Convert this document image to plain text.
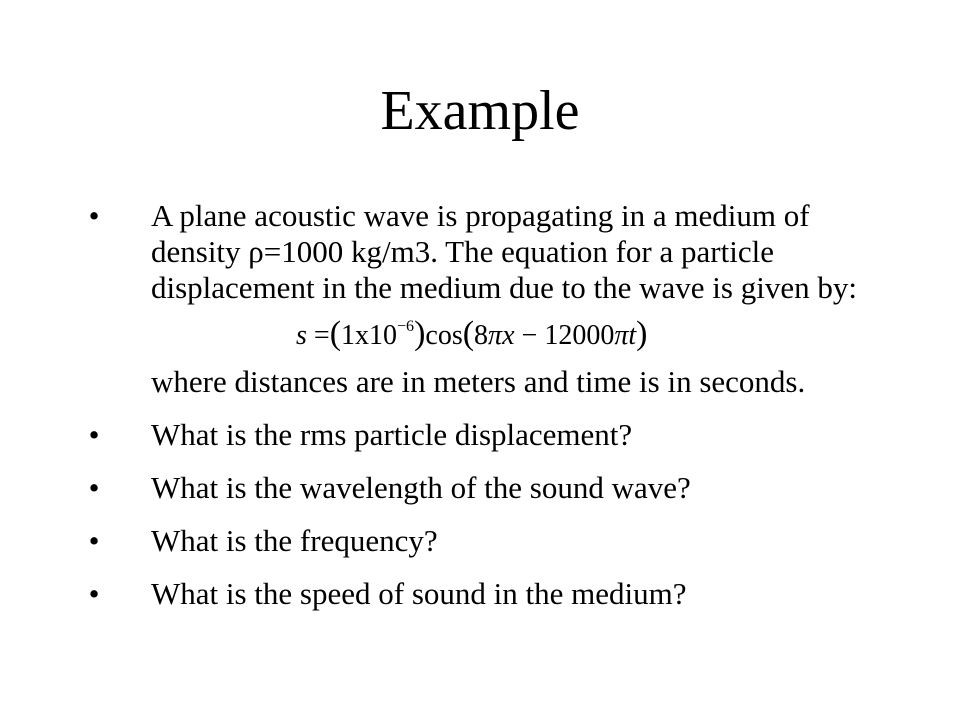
Example
• A plane acoustic wave is propagating in a medium of density ρ=1000 kg/m3. The equation for a particle displacement in the medium due to the wave is given by:
$s =(1x10^{-6})\cos(8\pi x - 12000\pi t)$
where distances are in meters and time is in seconds.
• What is the rms particle displacement?
• What is the wavelength of the sound wave?
• What is the frequency?
• What is the speed of sound in the medium?
